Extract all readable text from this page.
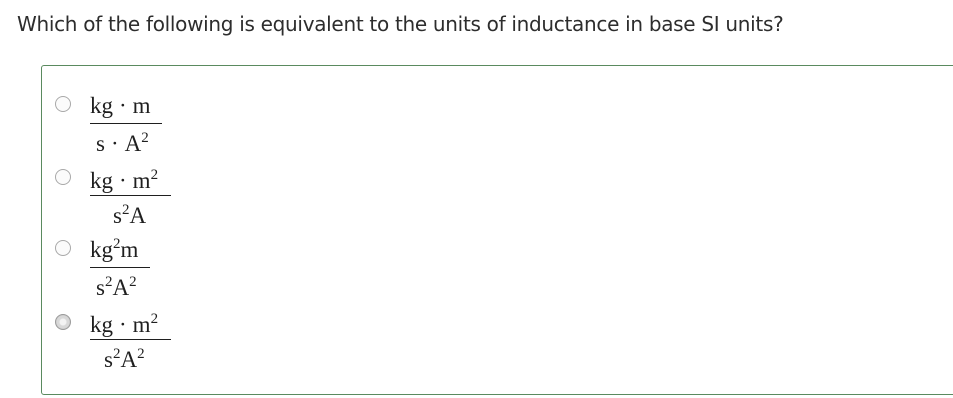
Which of the following is equivalent to the units of inductance in base SI units?
kg · m
$s \cdot A^2$
kg · $m^2$
$s^2A$
$kg^2m$
$s^2A^2$
kg · $m^2$
$s^2A^2$
